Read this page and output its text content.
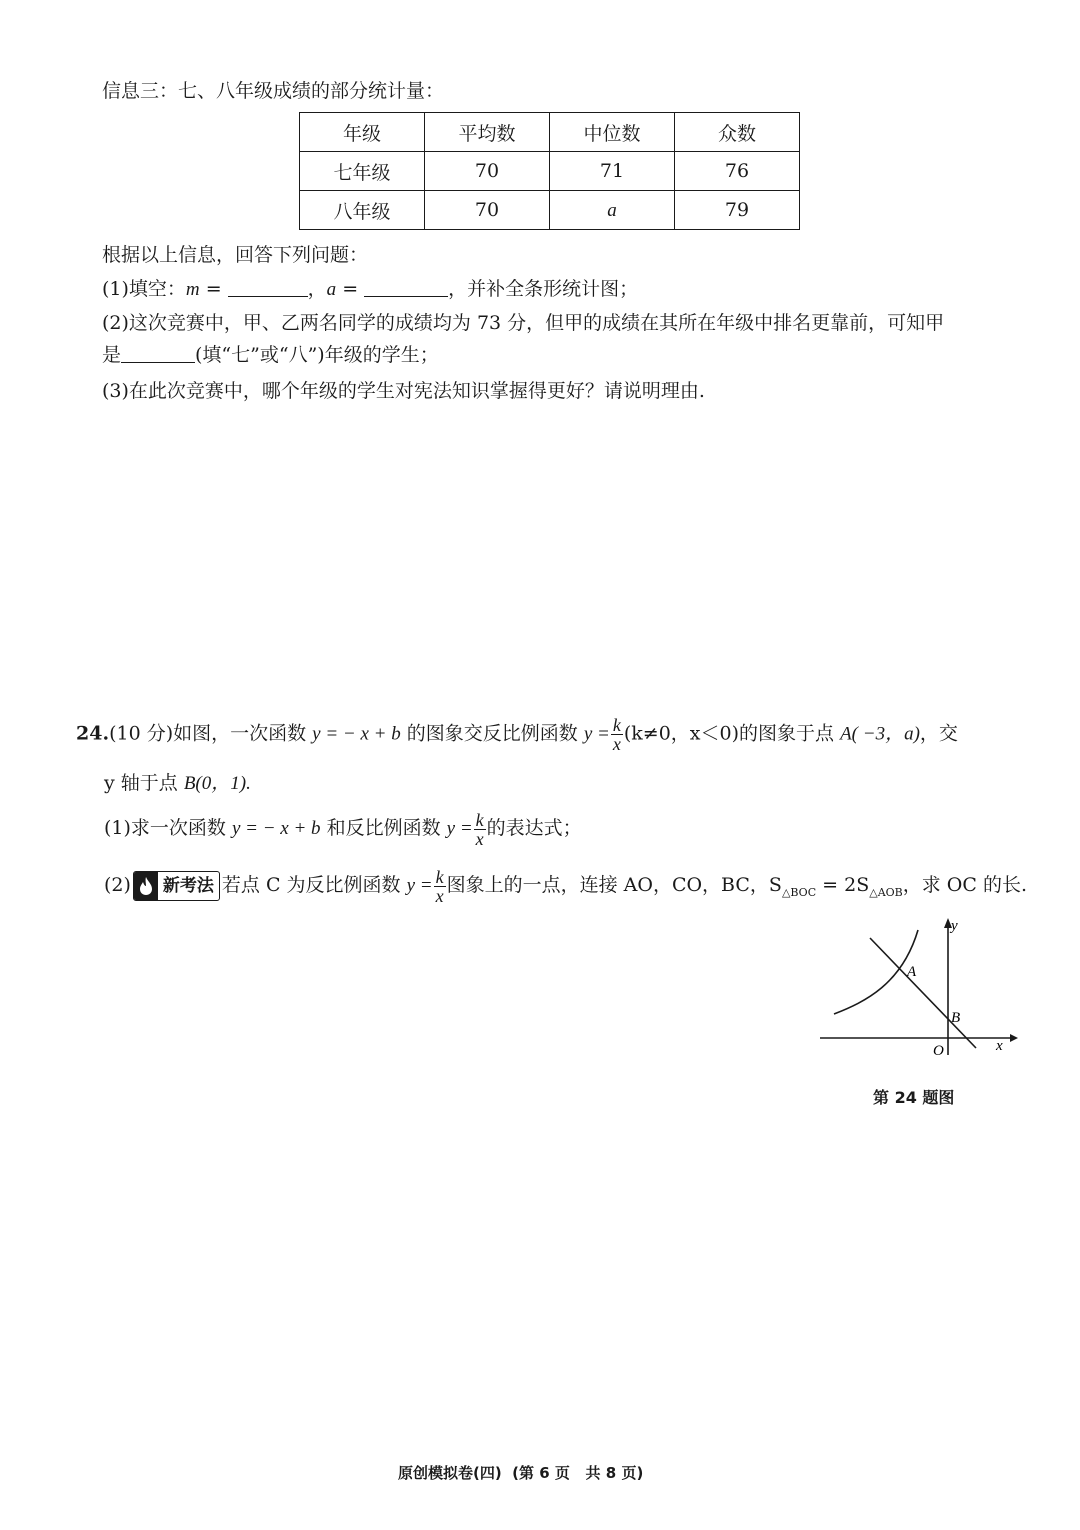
信息三：七、八年级成绩的部分统计量：
年级	平均数	中位数	众数
七年级	70	71	76
八年级	70	a	79
根据以上信息，回答下列问题：
(1)填空：m =	，a =	，并补全条形统计图；
(2)这次竞赛中，甲、乙两名同学的成绩均为 73 分，但甲的成绩在其所在年级中排名更靠前，可知甲
是	(填“七”或“八”)年级的学生；
(3)在此次竞赛中，哪个年级的学生对宪法知识掌握得更好？请说明理由.
24.(10 分)如图，一次函数 y = − x + b 的图象交反比例函数 $y = \frac{k}{x} (k\ne 0$，x＜0)的图象于点 A( −3，a)，交
y 轴于点 B(0，1).
(1)求一次函数 y = − x + b 和反比例函数 $y = \frac{k}{x}$ 的表达式；
(2) 新考法 若点 C 为反比例函数 $y = \frac{k}{x}$ 图象上的一点，连接 AO，CO，BC，$S_{\triangle BOC} = 2S_{\triangle AOB}$，求 OC 的长.
y
x
A
B
O
第 24 题图
原创模拟卷(四)  (第 6 页   共 8 页)
